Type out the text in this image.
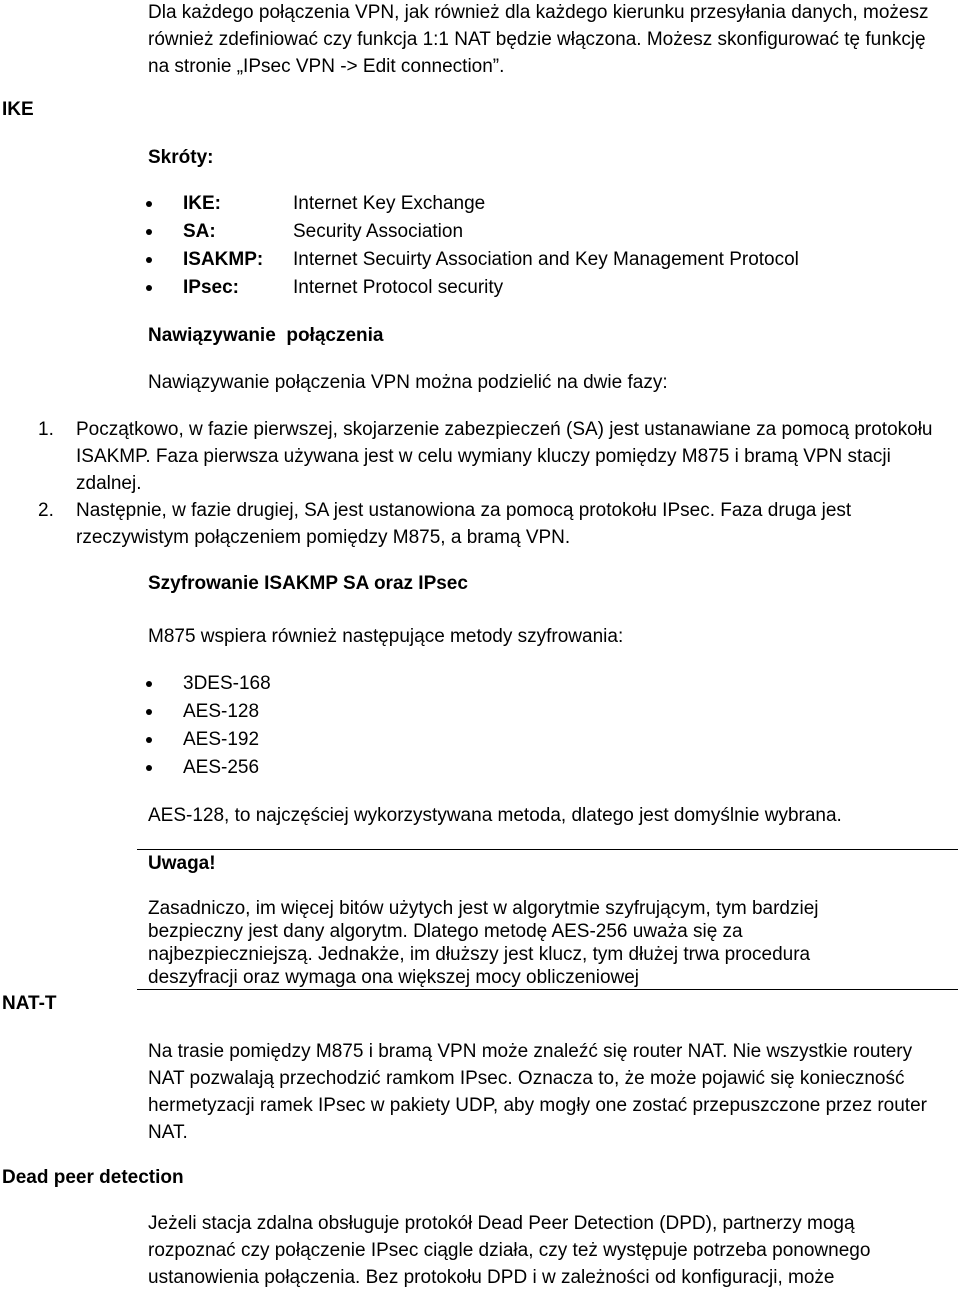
Dla każdego połączenia VPN, jak również dla każdego kierunku przesyłania danych, możesz również zdefiniować czy funkcja 1:1 NAT będzie włączona. Możesz skonfigurować tę funkcję na stronie „IPsec VPN -> Edit connection”.
IKE
NAT-T
Dead peer detection
Skróty:
IKE:	Internet Key Exchange
SA:	Security Association
ISAKMP: Internet Secuirty Association and Key Management Protocol
IPsec:	Internet Protocol security
Nawiązywanie  połączenia
Nawiązywanie połączenia VPN można podzielić na dwie fazy:
1. Początkowo, w fazie pierwszej, skojarzenie zabezpieczeń (SA) jest ustanawiane za pomocą protokołu ISAKMP. Faza pierwsza używana jest w celu wymiany kluczy pomiędzy M875 i bramą VPN stacji zdalnej.
2. Następnie, w fazie drugiej, SA jest ustanowiona za pomocą protokołu IPsec. Faza druga jest rzeczywistym połączeniem pomiędzy M875, a bramą VPN.
Szyfrowanie ISAKMP SA oraz IPsec
M875 wspiera również następujące metody szyfrowania:
3DES-168
AES-128
AES-192
AES-256
AES-128, to najczęściej wykorzystywana metoda, dlatego jest domyślnie wybrana.
Uwaga!
Zasadniczo, im więcej bitów użytych jest w algorytmie szyfrującym, tym bardziej bezpieczny jest dany algorytm. Dlatego metodę AES-256 uważa się za najbezpieczniejszą. Jednakże, im dłuższy jest klucz, tym dłużej trwa procedura deszyfracji oraz wymaga ona większej mocy obliczeniowej
Na trasie pomiędzy M875 i bramą VPN może znaleźć się router NAT. Nie wszystkie routery NAT pozwalają przechodzić ramkom IPsec. Oznacza to, że może pojawić się konieczność hermetyzacji ramek IPsec w pakiety UDP, aby mogły one zostać przepuszczone przez router NAT.
Jeżeli stacja zdalna obsługuje protokół Dead Peer Detection (DPD), partnerzy mogą rozpoznać czy połączenie IPsec ciągle działa, czy też występuje potrzeba ponownego ustanowienia połączenia. Bez protokołu DPD i w zależności od konfiguracji, może
